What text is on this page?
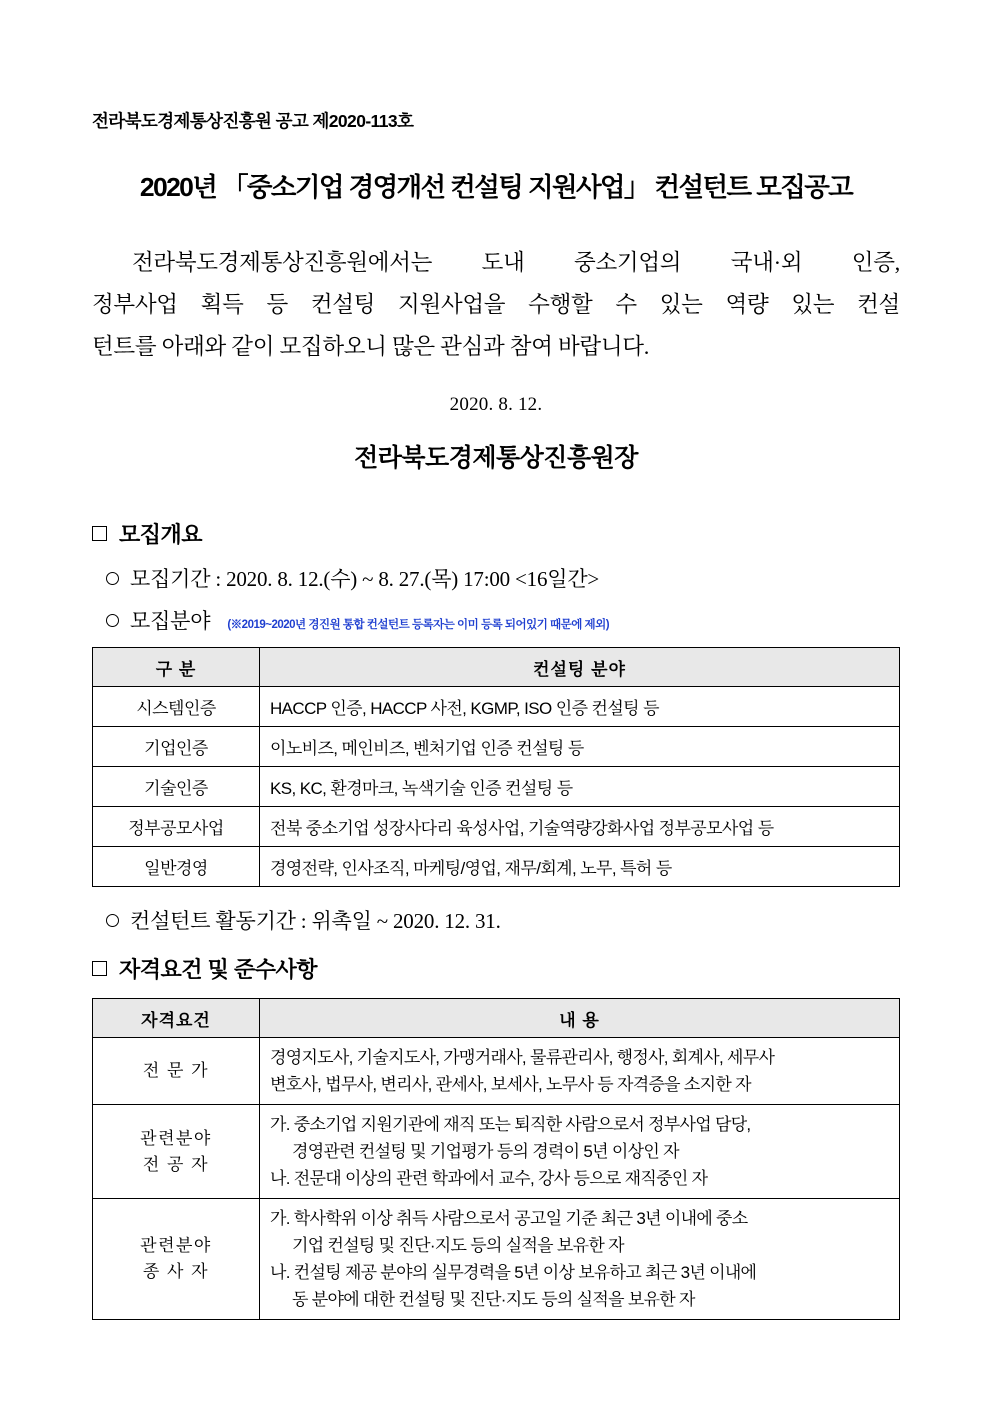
전라북도경제통상진흥원 공고 제2020-113호
2020년 「중소기업 경영개선 컨설팅 지원사업」 컨설턴트 모집공고

전라북도경제통상진흥원에서는 도내 중소기업의 국내·외 인증,

정부사업 획득 등 컨설팅 지원사업을 수행할 수 있는 역량 있는 컨설

턴트를 아래와 같이 모집하오니 많은 관심과 참여 바랍니다.

2020. 8. 12.
전라북도경제통상진흥원장
모집개요
모집기간 : 2020. 8. 12.(수) ~ 8. 27.(목) 17:00 <16일간>
모집분야 (※2019~2020년 경진원 통합 컨설턴트 등록자는 이미 등록 되어있기 때문에 제외)
구 분	컨설팅 분야
시스템인증	HACCP 인증, HACCP 사전, KGMP, ISO 인증 컨설팅 등
기업인증	이노비즈, 메인비즈, 벤처기업 인증 컨설팅 등
기술인증	KS, KC, 환경마크, 녹색기술 인증 컨설팅 등
정부공모사업	전북 중소기업 성장사다리 육성사업, 기술역량강화사업 정부공모사업 등
일반경영	경영전략, 인사조직, 마케팅/영업, 재무/회계, 노무, 특허 등
컨설턴트 활동기간 : 위촉일 ~ 2020. 12. 31.
자격요건 및 준수사항
자격요건	내 용
전 문 가	경영지도사, 기술지도사, 가맹거래사, 물류관리사, 행정사, 회계사, 세무사
변호사, 법무사, 변리사, 관세사, 보세사, 노무사 등 자격증을 소지한 자

관련분야
전 공 자	가. 중소기업 지원기관에 재직 또는 퇴직한 사람으로서 정부사업 담당,
경영관련 컨설팅 및 기업평가 등의 경력이 5년 이상인 자
나. 전문대 이상의 관련 학과에서 교수, 강사 등으로 재직중인 자

관련분야
종 사 자	가. 학사학위 이상 취득 사람으로서 공고일 기준 최근 3년 이내에 중소
기업 컨설팅 및 진단·지도 등의 실적을 보유한 자
나. 컨설팅 제공 분야의 실무경력을 5년 이상 보유하고 최근 3년 이내에
동 분야에 대한 컨설팅 및 진단·지도 등의 실적을 보유한 자
